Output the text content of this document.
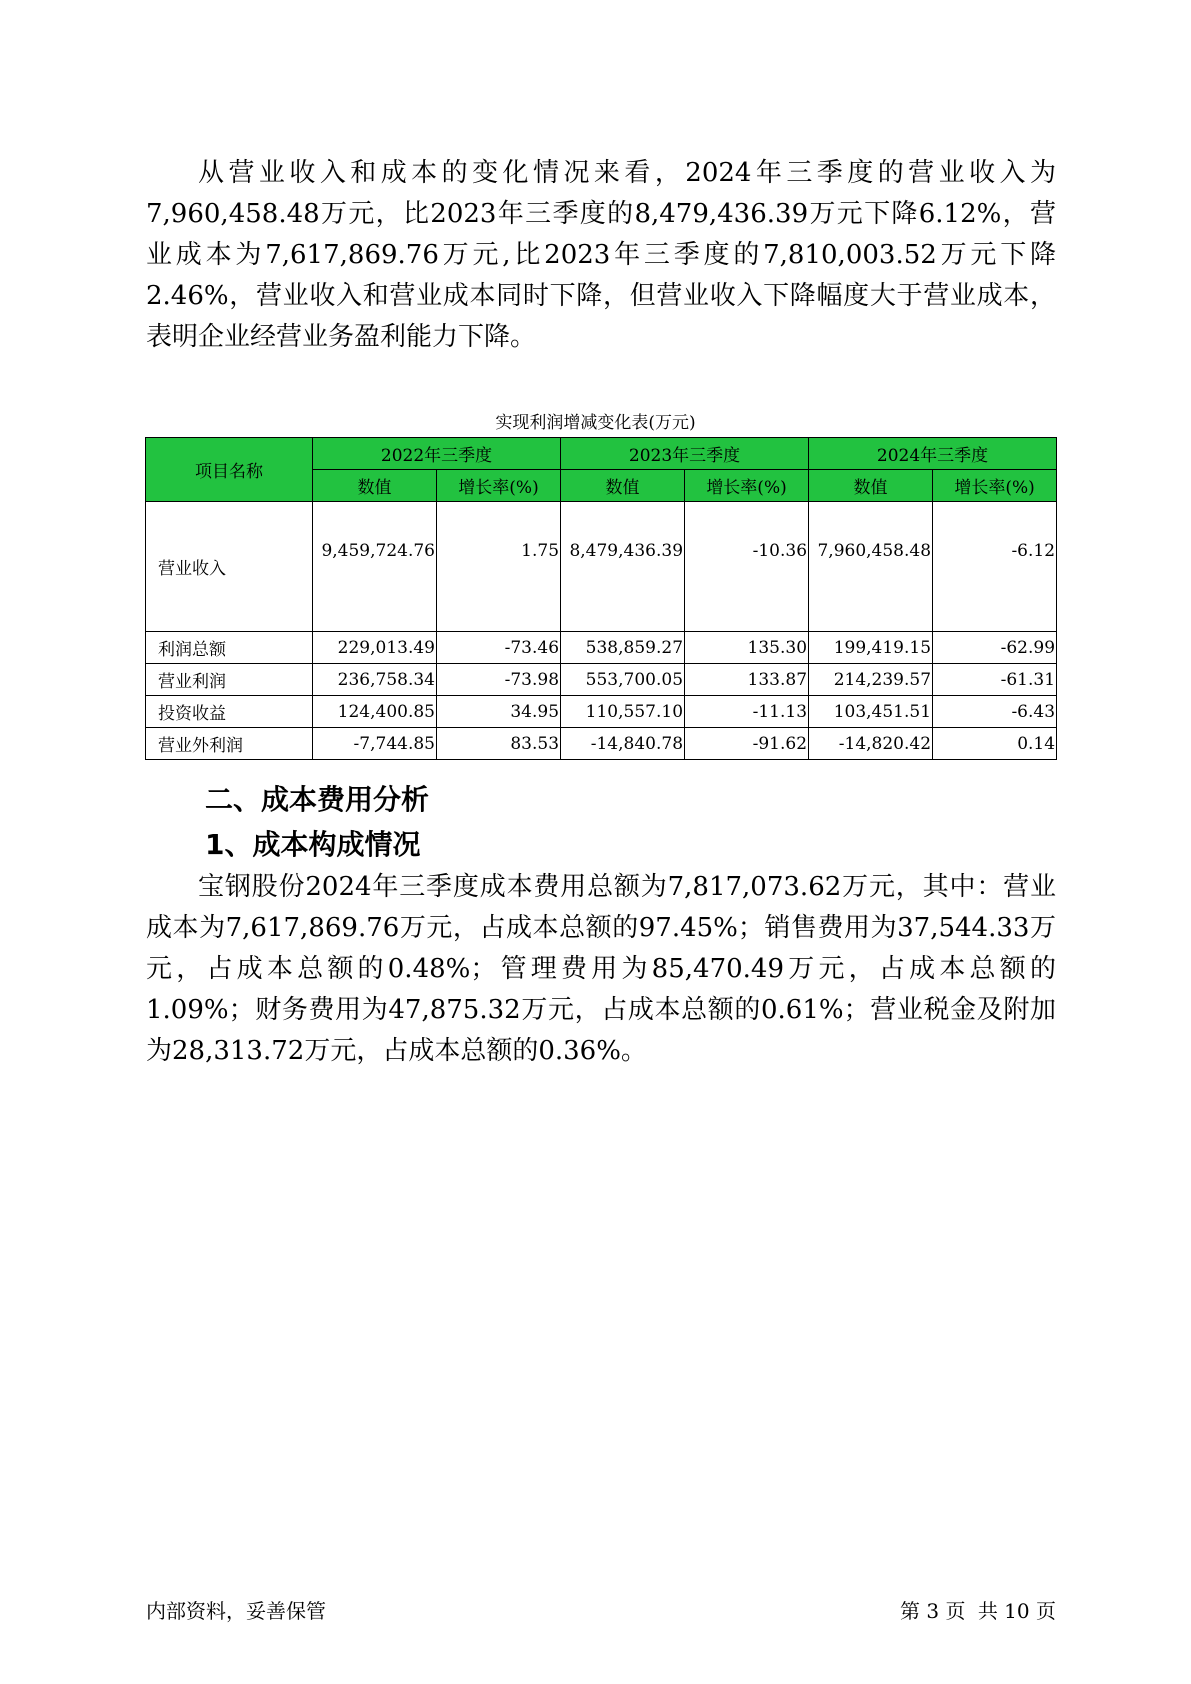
从营业收入和成本的变化情况来看，2024年三季度的营业收入为7,960,458.48万元，比2023年三季度的8,479,436.39万元下降6.12%，营业成本为7,617,869.76万元,比2023年三季度的7,810,003.52万元下降2.46%，营业收入和营业成本同时下降，但营业收入下降幅度大于营业成本，表明企业经营业务盈利能力下降。

实现利润增减变化表(万元)
项目名称	2022年三季度		2023年三季度		2024年三季度	
	数值	增长率(%)	数值	增长率(%)	数值	增长率(%)
营业收入	9,459,724.76	1.75	8,479,436.39	-10.36	7,960,458.48	-6.12
利润总额	229,013.49	-73.46	538,859.27	135.30	199,419.15	-62.99
营业利润	236,758.34	-73.98	553,700.05	133.87	214,239.57	-61.31
投资收益	124,400.85	34.95	110,557.10	-11.13	103,451.51	-6.43
营业外利润	-7,744.85	83.53	-14,840.78	-91.62	-14,820.42	0.14
二、成本费用分析
1、成本构成情况

宝钢股份2024年三季度成本费用总额为7,817,073.62万元，其中：营业成本为7,617,869.76万元，占成本总额的97.45%；销售费用为37,544.33万元，占成本总额的0.48%；管理费用为85,470.49万元，占成本总额的1.09%；财务费用为47,875.32万元，占成本总额的0.61%；营业税金及附加为28,313.72万元，占成本总额的0.36%。

内部资料，妥善保管	第 3 页 共 10 页
